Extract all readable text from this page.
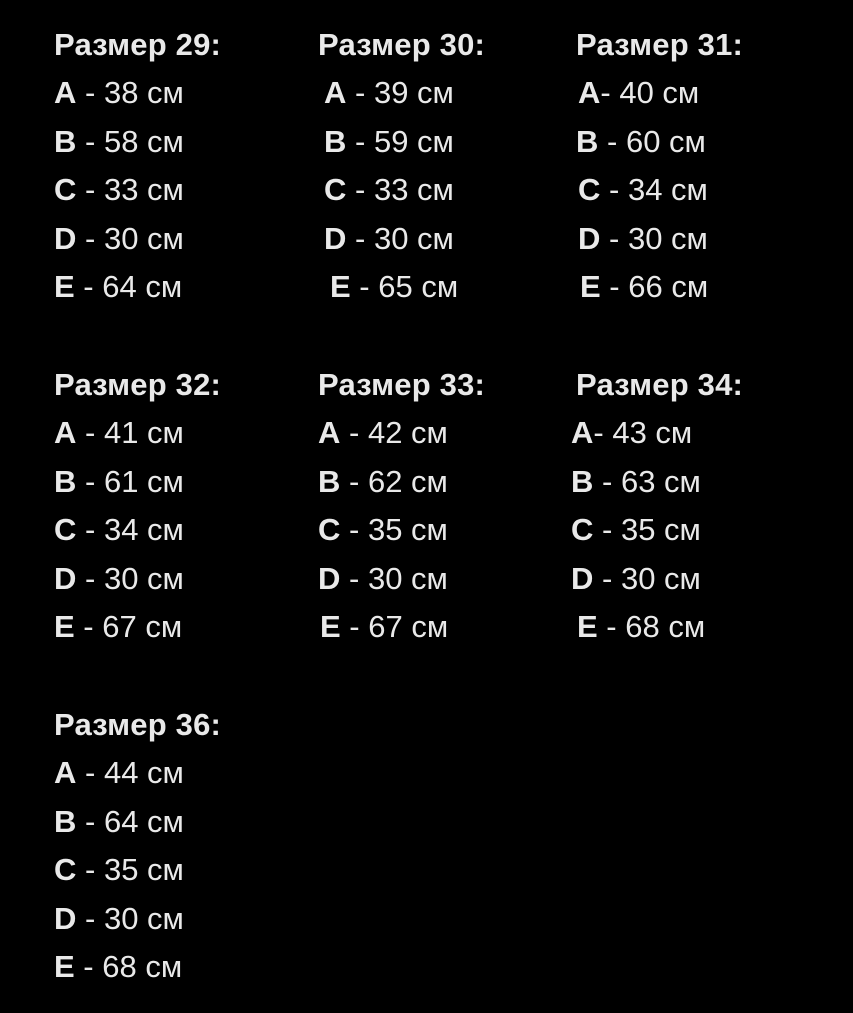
Размер 29:
A - 38 см
B - 58 см
C - 33 см
D - 30 см
E - 64 см
Размер 30:
A - 39 см
B - 59 см
C - 33 см
D - 30 см
E - 65 см
Размер 31:
A- 40 см
B - 60 см
C - 34 см
D - 30 см
E - 66 см
Размер 32:
A - 41 см
B - 61 см
C - 34 см
D - 30 см
E - 67 см
Размер 33:
A - 42 см
B - 62 см
C - 35 см
D - 30 см
E - 67 см
Размер 34:
A- 43 см
B - 63 см
C - 35 см
D - 30 см
E - 68 см
Размер 36:
A - 44 см
B - 64 см
C - 35 см
D - 30 см
E - 68 см
